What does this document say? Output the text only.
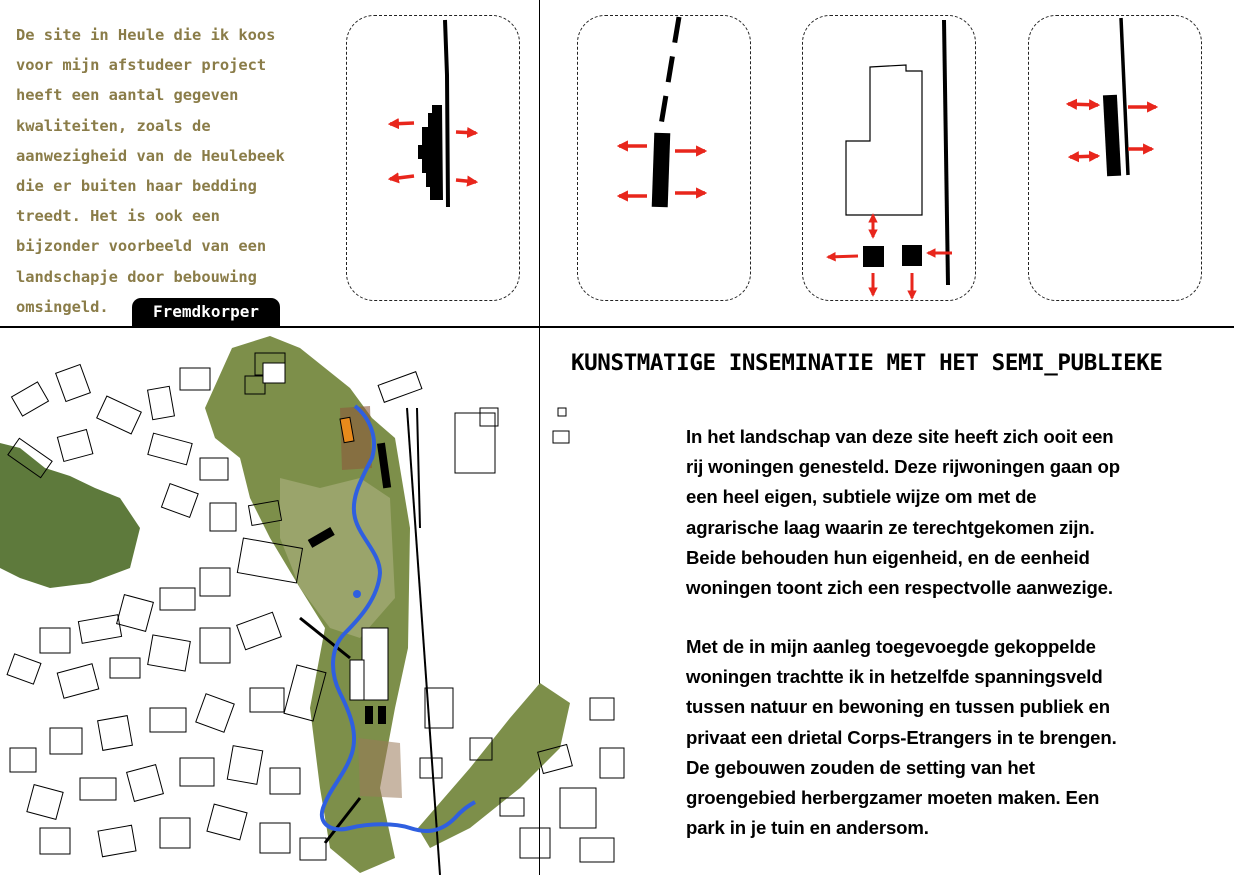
De site in Heule die ik koos
voor mijn afstudeer project
heeft een aantal gegeven
kwaliteiten, zoals de
aanwezigheid van de Heulebeek
die er buiten haar bedding
treedt. Het is ook een
bijzonder voorbeeld van een
landschapje door bebouwing
omsingeld.	Fremdkorper
KUNSTMATIGE INSEMINATIE MET HET SEMI_PUBLIEKE

In het landschap van deze site heeft zich ooit een
rij woningen genesteld. Deze rijwoningen gaan op
een heel eigen, subtiele wijze om met de
agrarische laag waarin ze terechtgekomen zijn.
Beide behouden hun eigenheid, en de eenheid
woningen toont zich een respectvolle aanwezige.

Met de in mijn aanleg toegevoegde gekoppelde
woningen trachtte ik in hetzelfde spanningsveld
tussen natuur en bewoning en tussen publiek en
privaat een drietal Corps-Etrangers in te brengen.
De gebouwen zouden de setting van het
groengebied herbergzamer moeten maken. Een
park in je tuin en andersom.
